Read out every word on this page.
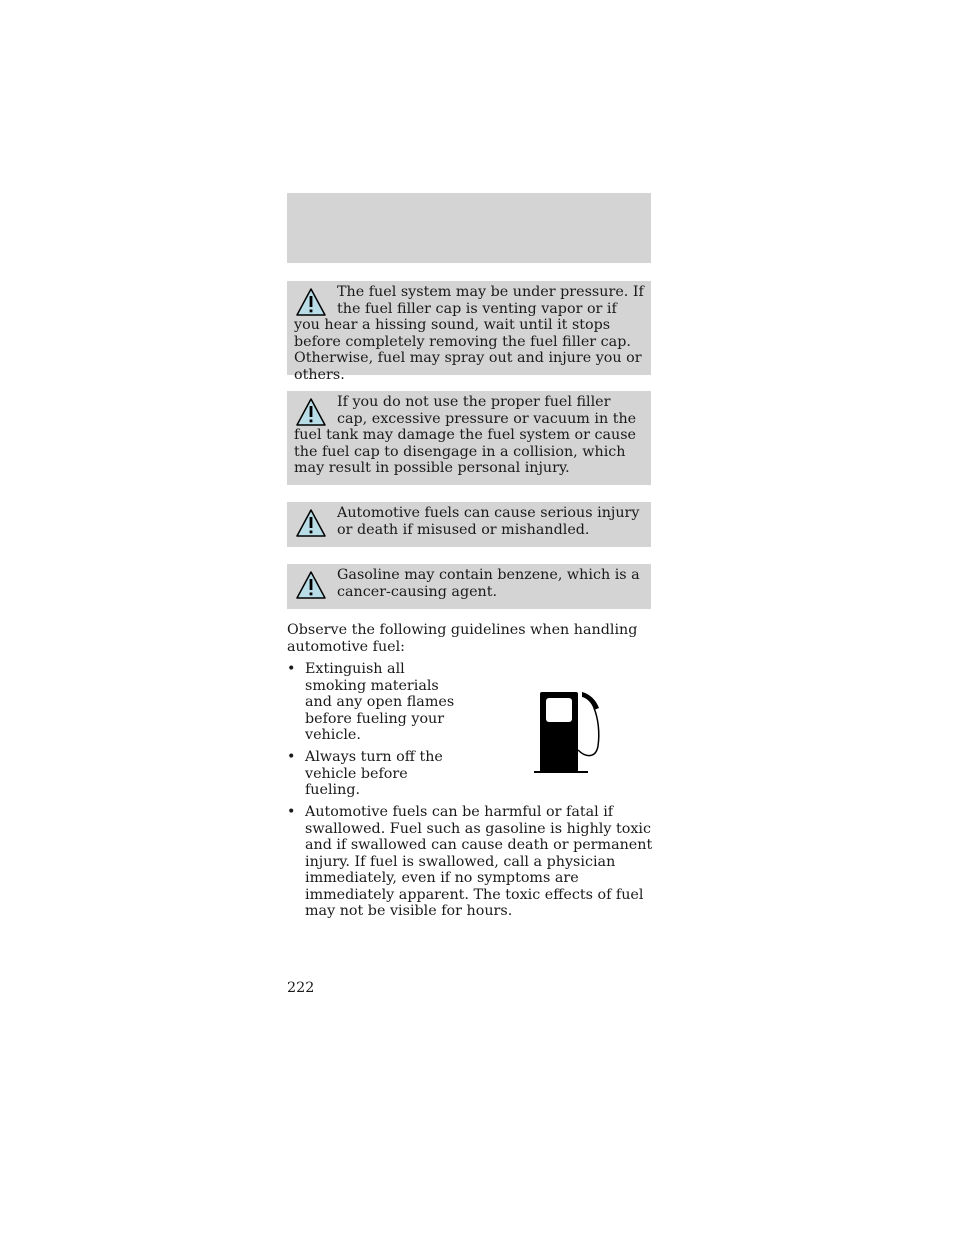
The fuel system may be under pressure. If the fuel filler cap is venting vapor or if you hear a hissing sound, wait until it stops before completely removing the fuel filler cap. Otherwise, fuel may spray out and injure you or others.
If you do not use the proper fuel filler cap, excessive pressure or vacuum in the fuel tank may damage the fuel system or cause the fuel cap to disengage in a collision, which may result in possible personal injury.
Automotive fuels can cause serious injury or death if misused or mishandled.
Gasoline may contain benzene, which is a cancer-causing agent.
Observe the following guidelines when handling automotive fuel:
• Extinguish all smoking materials and any open flames before fueling your vehicle.
• Always turn off the vehicle before fueling.
• Automotive fuels can be harmful or fatal if swallowed. Fuel such as gasoline is highly toxic and if swallowed can cause death or permanent injury. If fuel is swallowed, call a physician immediately, even if no symptoms are immediately apparent. The toxic effects of fuel may not be visible for hours.
222
